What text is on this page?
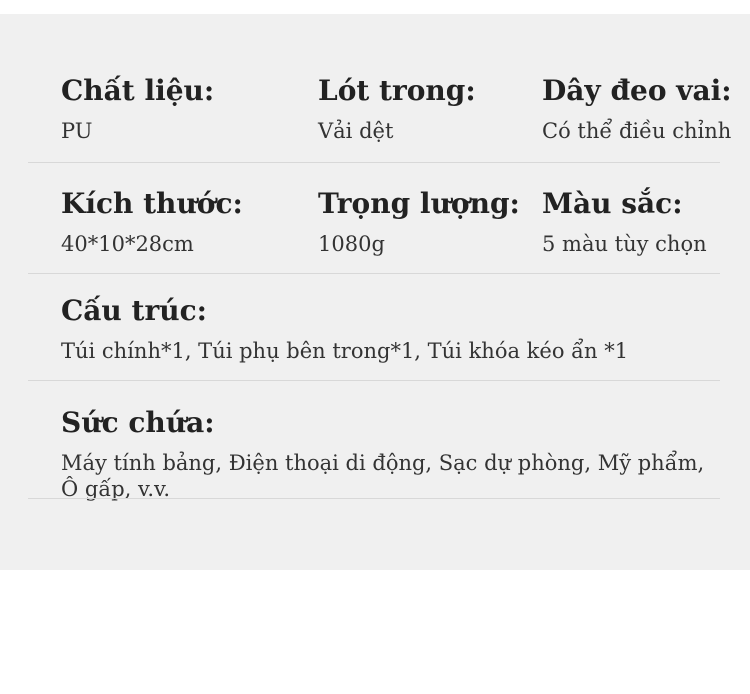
Chất liệu:
PU
Lót trong:
Vải dệt
Dây đeo vai:
Có thể điều chỉnh
Kích thước:
40*10*28cm
Trọng lượng:
1080g
Màu sắc:
5 màu tùy chọn
Cấu trúc:
Túi chính*1, Túi phụ bên trong*1, Túi khóa kéo ẩn *1
Sức chứa:
Máy tính bảng, Điện thoại di động, Sạc dự phòng, Mỹ phẩm, Ô gấp, v.v.
